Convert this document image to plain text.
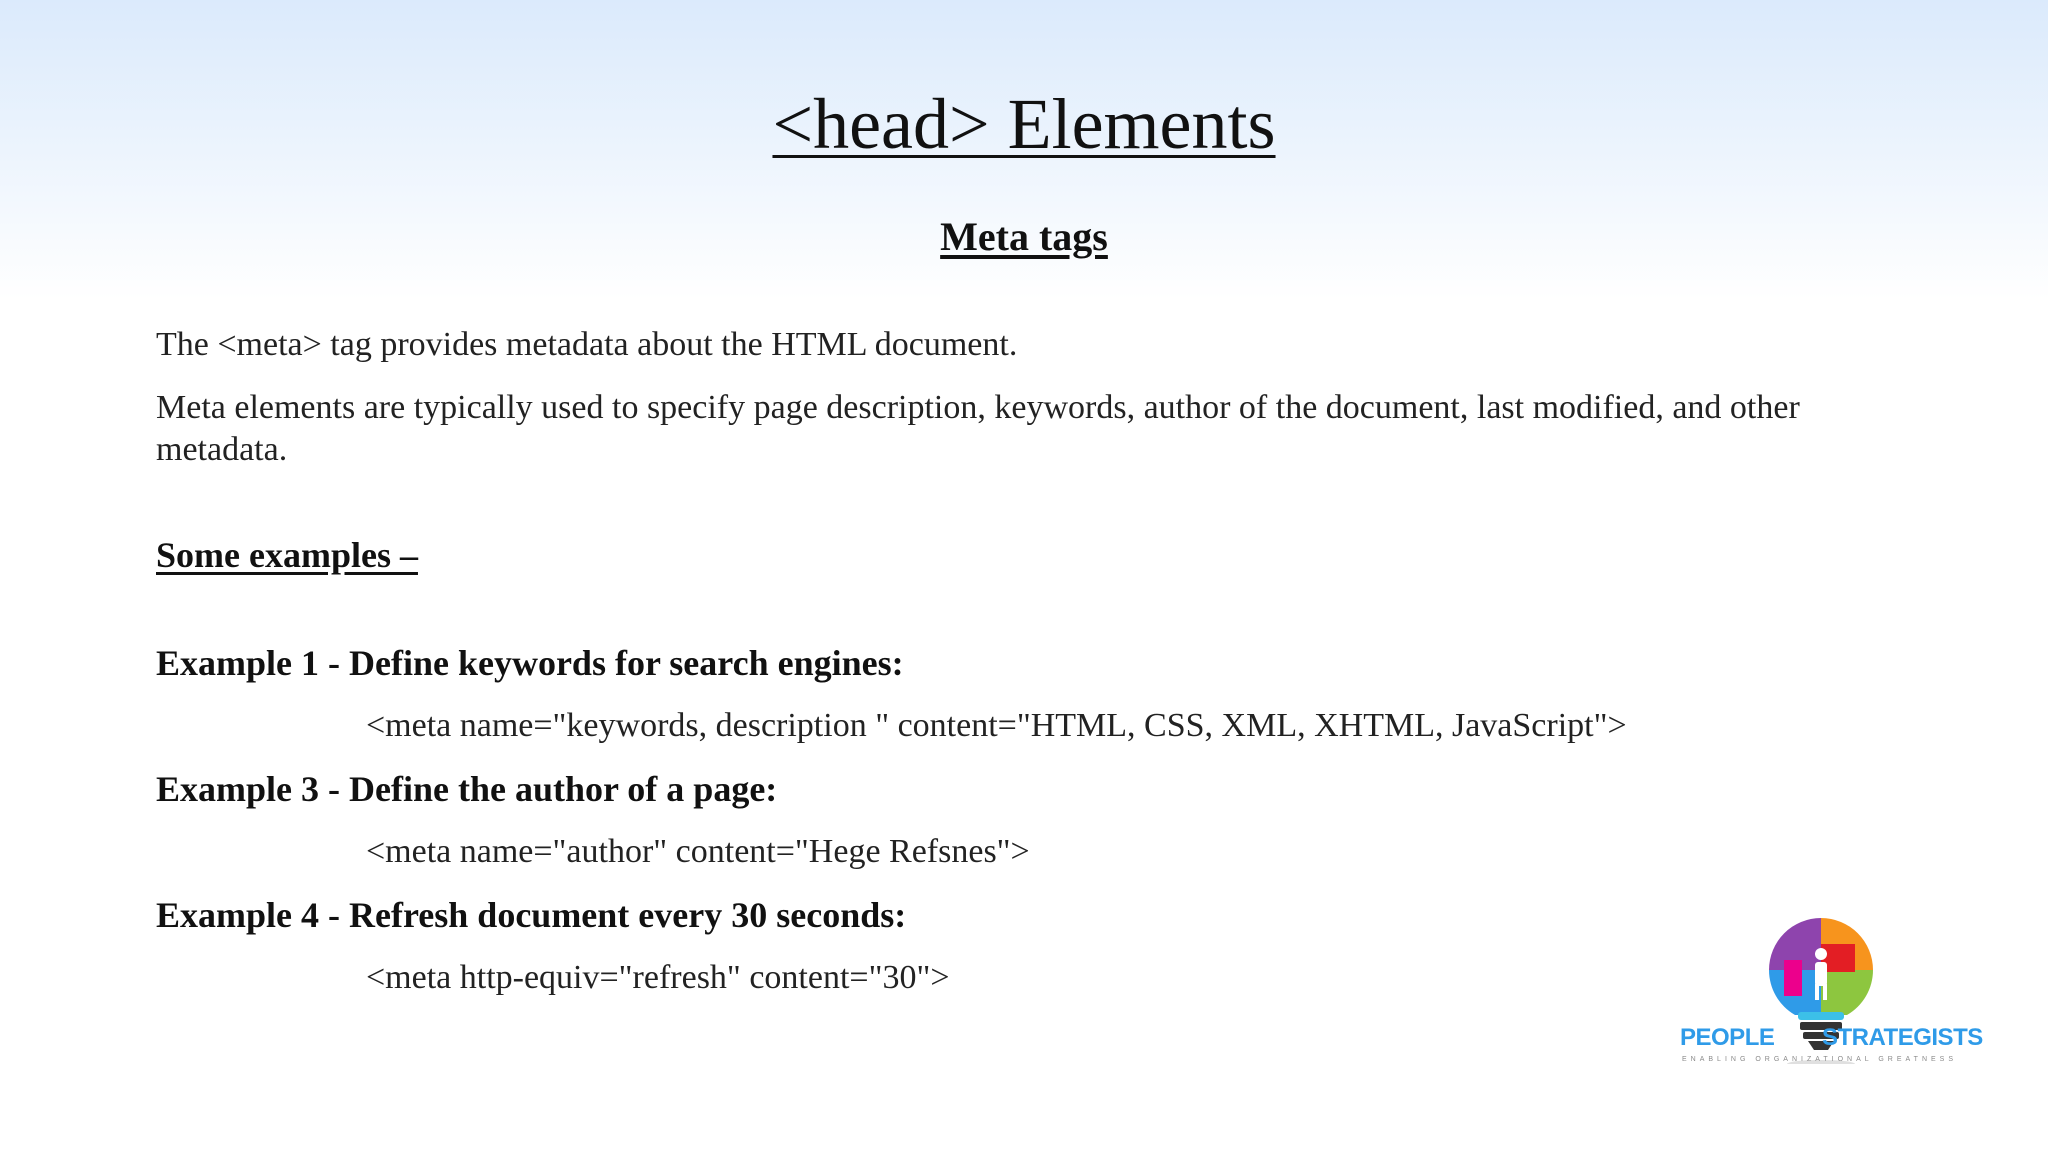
<head> Elements
Meta tags
The <meta> tag provides metadata about the HTML document.
Meta elements are typically used to specify page description, keywords, author of the document, last modified, and other metadata.
Some examples –
Example 1 - Define keywords for search engines:
<meta name="keywords, description " content="HTML, CSS, XML, XHTML, JavaScript">
Example 3 - Define the author of a page:
<meta name="author" content="Hege Refsnes">
Example 4 - Refresh document every 30 seconds:
<meta http-equiv="refresh" content="30">
PEOPLE STRATEGISTS
ENABLING ORGANIZATIONAL GREATNESS
